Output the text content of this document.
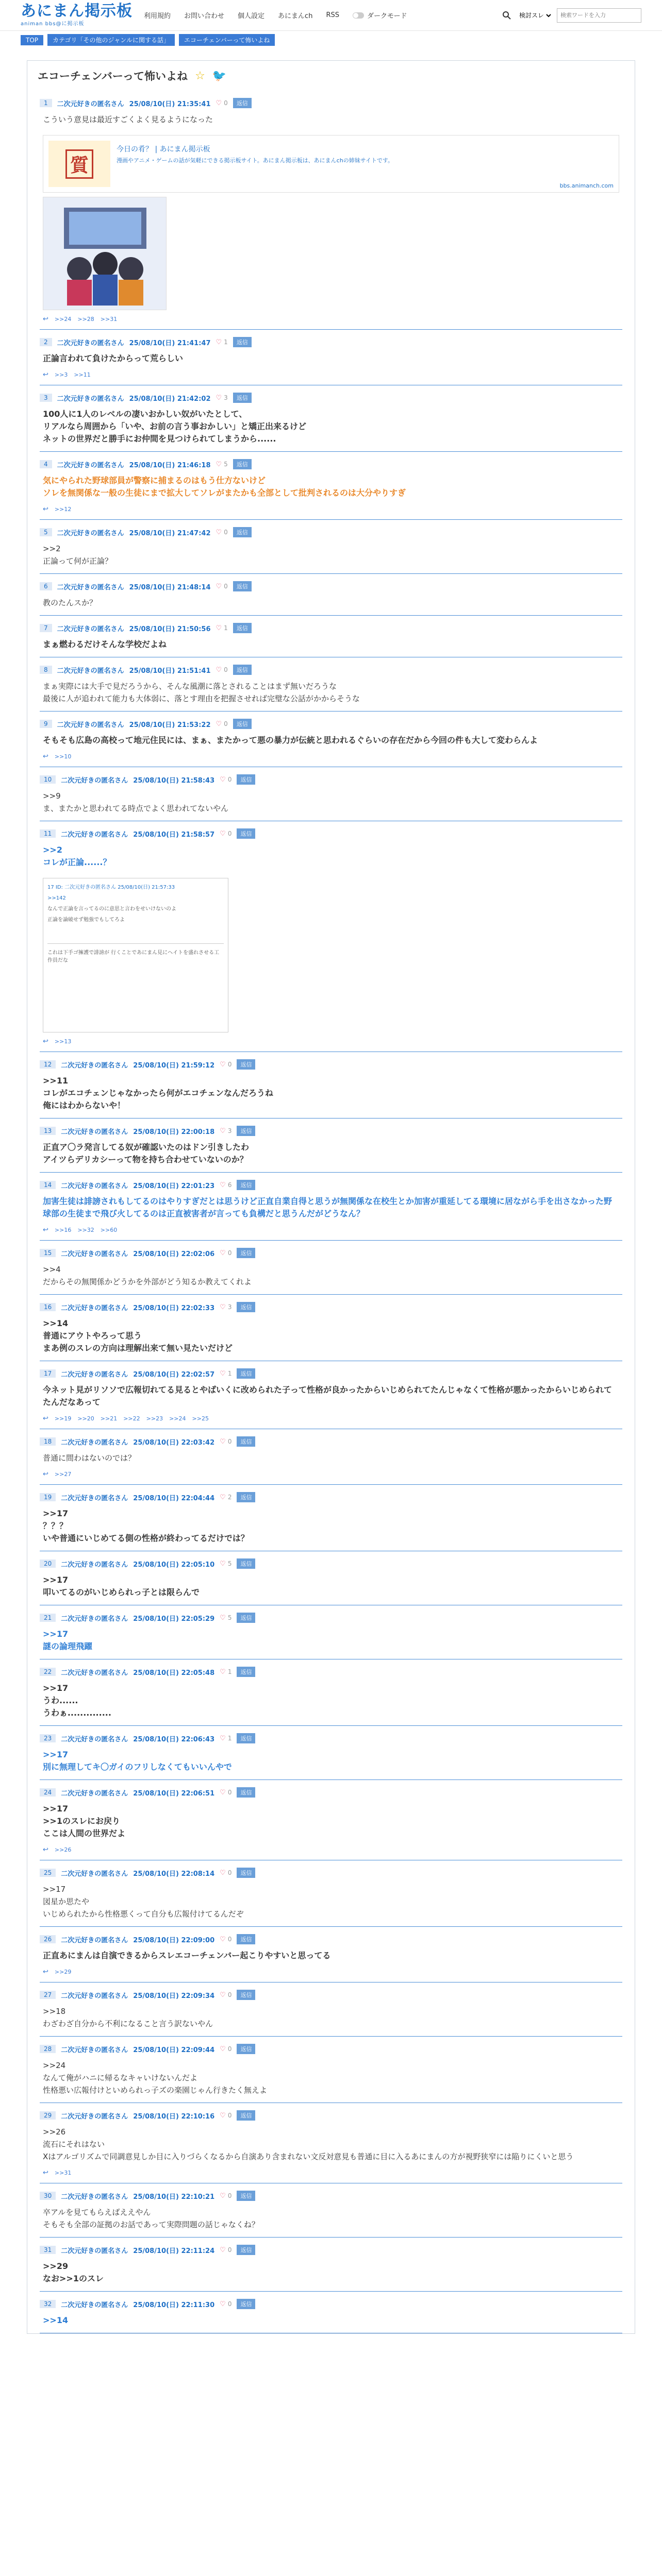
あにまん掲示板
animan bbs@に掲示板
利用規約 お問い合わせ 個人設定 あにまんch RSS	ダークモード
検討スレ
検索ワードを入力
TOP	カテゴリ「その他のジャンルに関する話」	エコーチェンバーって怖いよね
エコーチェンバーって怖いよね ☆ 🐦
1	二次元好きの匿名さん 25/08/10(日) 21:35:41 ♡ 0	返信
こういう意見は最近すごくよく見るようになった
質
今日の肴？ | あにまん掲示板
漫画やアニメ・ゲームの話が気軽にできる掲示板サイト。あにまん掲示板は、あにまんchの姉妹サイトです。
bbs.animanch.com
↩ >>24 >>28 >>31
2	二次元好きの匿名さん 25/08/10(日) 21:41:47 ♡ 1	返信
正論言われて負けたからって荒らしい
↩ >>3 >>11
3	二次元好きの匿名さん 25/08/10(日) 21:42:02 ♡ 3	返信
100人に1人のレベルの凄いおかしい奴がいたとして、
リアルなら周囲から「いや、お前の言う事おかしい」と矯正出来るけど
ネットの世界だと勝手にお仲間を見つけられてしまうから......
4	二次元好きの匿名さん 25/08/10(日) 21:46:18 ♡ 5	返信
気にやられた野球部員が警察に捕まるのはもう仕方ないけど
ソレを無関係な一般の生徒にまで拡大してソレがまたかも全部として批判されるのは大分やりすぎ
↩ >>12
5	二次元好きの匿名さん 25/08/10(日) 21:47:42 ♡ 0	返信
>>2
正論って何が正論？
6	二次元好きの匿名さん 25/08/10(日) 21:48:14 ♡ 0	返信
教のたんスか？
7	二次元好きの匿名さん 25/08/10(日) 21:50:56 ♡ 1	返信
まぁ燃わるだけそんな学校だよね
8	二次元好きの匿名さん 25/08/10(日) 21:51:41 ♡ 0	返信
まぁ実際には大手で見だろうから、そんな風潮に落とされることはまず無いだろうな
最後に人が追われて能力も大体弱に、落とす理由を把握させれば完璧な公話がかからそうな
9	二次元好きの匿名さん 25/08/10(日) 21:53:22 ♡ 0	返信
そもそも広島の高校って地元住民には、まぁ、またかって悪の暴力が伝統と思われるぐらいの存在だから今回の件も大して変わらんよ
↩ >>10
10	二次元好きの匿名さん 25/08/10(日) 21:58:43 ♡ 0	返信
>>9
ま、またかと思われてる時点でよく思われてないやん
11	二次元好きの匿名さん 25/08/10(日) 21:58:57 ♡ 0	返信
>>2
コレが正論......？
17 ID: 二次元好きの匿名さん 25/08/10(日) 21:57:33
>>142
なんで正論を言ってるのに意思と言わをせいけないのよ
正論を論破せず勉強でもしてろよ
これは下手ゴ擁護で誹謗が 行くことであにまん見にヘイトを盛れさせる工作員だな
↩ >>13
12	二次元好きの匿名さん 25/08/10(日) 21:59:12 ♡ 0	返信
>>11
コレがエコチェンじゃなかったら何がエコチェンなんだろうね
俺にはわからないや！
13	二次元好きの匿名さん 25/08/10(日) 22:00:18 ♡ 3	返信
正直ア〇ラ発言してる奴が確認いたのはドン引きしたわ
アイツらデリカシーって物を持ち合わせていないのか？
14	二次元好きの匿名さん 25/08/10(日) 22:01:23 ♡ 6	返信
加害生徒は誹謗されもしてるのはやりすぎだとは思うけど正直自業自得と思うが無関係な在校生とか加害が重延してる環境に居ながら手を出さなかった野球部の生徒まで飛び火してるのは正直被害者が言っても負構だと思うんだがどうなん？
↩ >>16 >>32 >>60
15	二次元好きの匿名さん 25/08/10(日) 22:02:06 ♡ 0	返信
>>4
だからその無関係かどうかを外部がどう知るか教えてくれよ
16	二次元好きの匿名さん 25/08/10(日) 22:02:33 ♡ 3	返信
>>14
普通にアウトやろって思う
まあ例のスレの方向は理解出来て無い見たいだけど
17	二次元好きの匿名さん 25/08/10(日) 22:02:57 ♡ 1	返信
今ネット見がリソソで広報切れてる見るとやばいくに改められた子って性格が良かったからいじめられてたんじゃなくて性格が悪かったからいじめられてたんだなあって
↩ >>19 >>20 >>21 >>22 >>23 >>24 >>25
18	二次元好きの匿名さん 25/08/10(日) 22:03:42 ♡ 0	返信
普通に間わはないのでは？
↩ >>27
19	二次元好きの匿名さん 25/08/10(日) 22:04:44 ♡ 2	返信
>>17
？？？
いや普通にいじめてる側の性格が終わってるだけでは？
20	二次元好きの匿名さん 25/08/10(日) 22:05:10 ♡ 5	返信
>>17
叩いてるのがいじめられっ子とは限らんで
21	二次元好きの匿名さん 25/08/10(日) 22:05:29 ♡ 5	返信
>>17
謎の論理飛躍
22	二次元好きの匿名さん 25/08/10(日) 22:05:48 ♡ 1	返信
>>17
うわ......
うわぁ..............
23	二次元好きの匿名さん 25/08/10(日) 22:06:43 ♡ 1	返信
>>17
別に無理してキ〇ガイのフリしなくてもいいんやで
24	二次元好きの匿名さん 25/08/10(日) 22:06:51 ♡ 0	返信
>>17
>>1のスレにお戻り
ここは人間の世界だよ
↩ >>26
25	二次元好きの匿名さん 25/08/10(日) 22:08:14 ♡ 0	返信
>>17
図星か思たや
いじめられたから性格悪くって自分も広報付けてるんだぞ
26	二次元好きの匿名さん 25/08/10(日) 22:09:00 ♡ 0	返信
正直あにまんは自演できるからスレエコーチェンバー起こりやすいと思ってる
↩ >>29
27	二次元好きの匿名さん 25/08/10(日) 22:09:34 ♡ 0	返信
>>18
わざわざ自分から不利になること言う訳ないやん
28	二次元好きの匿名さん 25/08/10(日) 22:09:44 ♡ 0	返信
>>24
なんて俺がハニに帰るなキャいけないんだよ
性格悪い広報付けといめられっ子ズの楽園じゃん行きたく無えよ
29	二次元好きの匿名さん 25/08/10(日) 22:10:16 ♡ 0	返信
>>26
流石にそれはない
Xはアルゴリズムで同調意見しか目に入りづらくなるから自演あり含まれない文反対意見も普通に目に入るあにまんの方が視野狭窄には陥りにくいと思う
↩ >>31
30	二次元好きの匿名さん 25/08/10(日) 22:10:21 ♡ 0	返信
卒アルを見てもらえばええやん
そもそも全部の証拠のお話であって実際問題の話じゃなくね？
31	二次元好きの匿名さん 25/08/10(日) 22:11:24 ♡ 0	返信
>>29
なお>>1のスレ
32	二次元好きの匿名さん 25/08/10(日) 22:11:30 ♡ 0	返信
>>14
